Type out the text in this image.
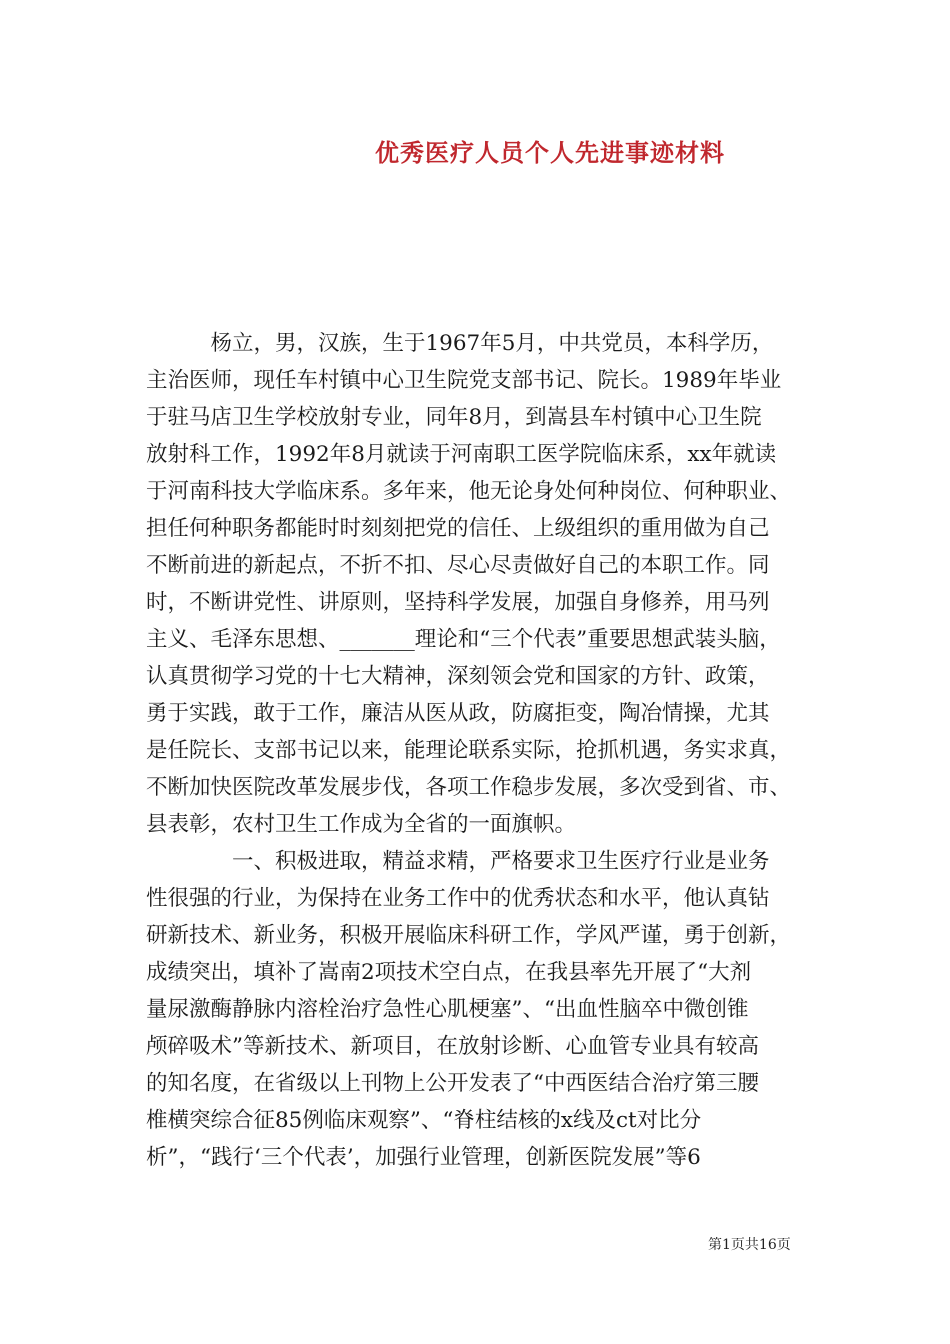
优秀医疗人员个人先进事迹材料
　　　杨立，男，汉族，生于1967年5月，中共党员，本科学历，
主治医师，现任车村镇中心卫生院党支部书记、院长。1989年毕业
于驻马店卫生学校放射专业，同年8月，到嵩县车村镇中心卫生院
放射科工作，1992年8月就读于河南职工医学院临床系，xx年就读
于河南科技大学临床系。多年来，他无论身处何种岗位、何种职业、
担任何种职务都能时时刻刻把党的信任、上级组织的重用做为自己
不断前进的新起点，不折不扣、尽心尽责做好自己的本职工作。同
时，不断讲党性、讲原则，坚持科学发展，加强自身修养，用马列
主义、毛泽东思想、_______理论和“三个代表”重要思想武装头脑，
认真贯彻学习党的十七大精神，深刻领会党和国家的方针、政策，
勇于实践，敢于工作，廉洁从医从政，防腐拒变，陶冶情操，尤其
是任院长、支部书记以来，能理论联系实际，抢抓机遇，务实求真，
不断加快医院改革发展步伐，各项工作稳步发展，多次受到省、市、
县表彰，农村卫生工作成为全省的一面旗帜。
　　　　一、积极进取，精益求精，严格要求卫生医疗行业是业务
性很强的行业，为保持在业务工作中的优秀状态和水平，他认真钻
研新技术、新业务，积极开展临床科研工作，学风严谨，勇于创新，
成绩突出，填补了嵩南2项技术空白点，在我县率先开展了“大剂
量尿激酶静脉内溶栓治疗急性心肌梗塞”、“出血性脑卒中微创锥
颅碎吸术”等新技术、新项目，在放射诊断、心血管专业具有较高
的知名度，在省级以上刊物上公开发表了“中西医结合治疗第三腰
椎横突综合征85例临床观察”、“脊柱结核的x线及ct对比分
析”，“践行‘三个代表’，加强行业管理，创新医院发展”等6
第1页共16页
